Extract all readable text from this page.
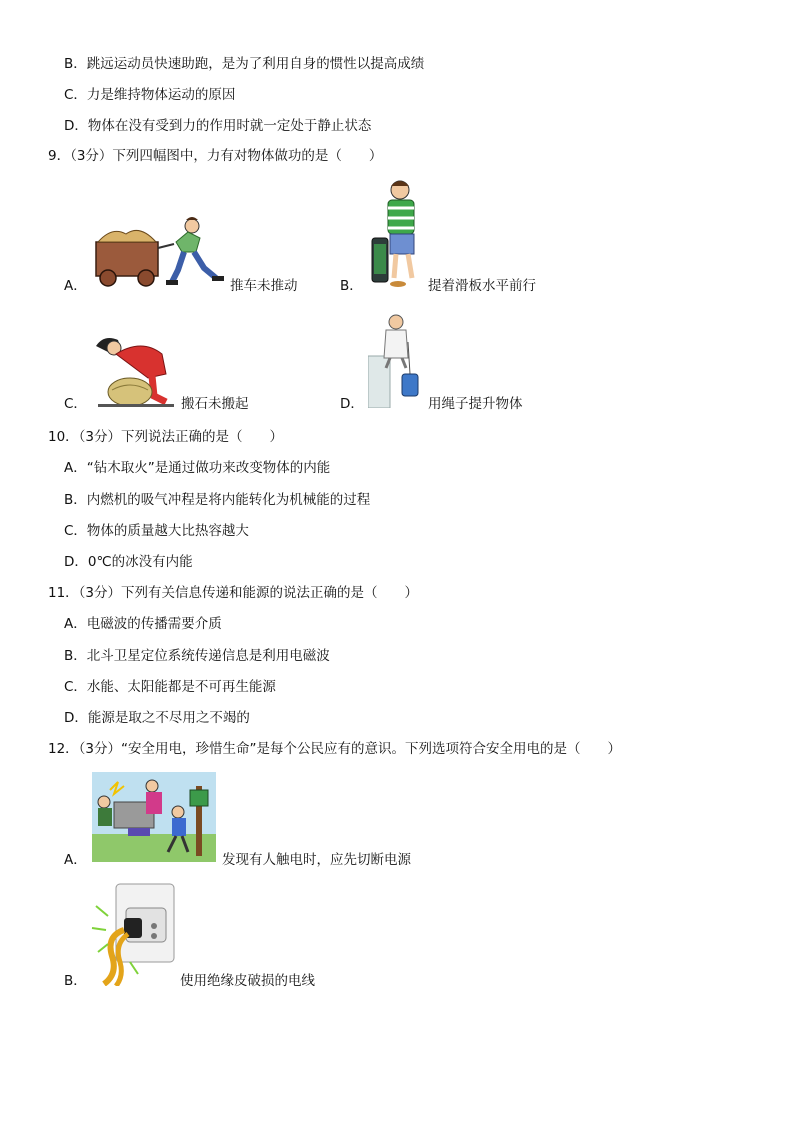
B．跳远运动员快速助跑，是为了利用自身的惯性以提高成绩
C．力是维持物体运动的原因
D．物体在没有受到力的作用时就一定处于静止状态
9．（3分）下列四幅图中，力有对物体做功的是（　　）
A．	推车未推动	B．	提着滑板水平前行
C．	搬石未搬起	D．	用绳子提升物体
10．（3分）下列说法正确的是（　　）
A．“钻木取火”是通过做功来改变物体的内能
B．内燃机的吸气冲程是将内能转化为机械能的过程
C．物体的质量越大比热容越大
D．0℃的冰没有内能
11．（3分）下列有关信息传递和能源的说法正确的是（　　）
A．电磁波的传播需要介质
B．北斗卫星定位系统传递信息是利用电磁波
C．水能、太阳能都是不可再生能源
D．能源是取之不尽用之不竭的
12．（3分）“安全用电，珍惜生命”是每个公民应有的意识。下列选项符合安全用电的是（　　）
A．	发现有人触电时，应先切断电源
B．	使用绝缘皮破损的电线
